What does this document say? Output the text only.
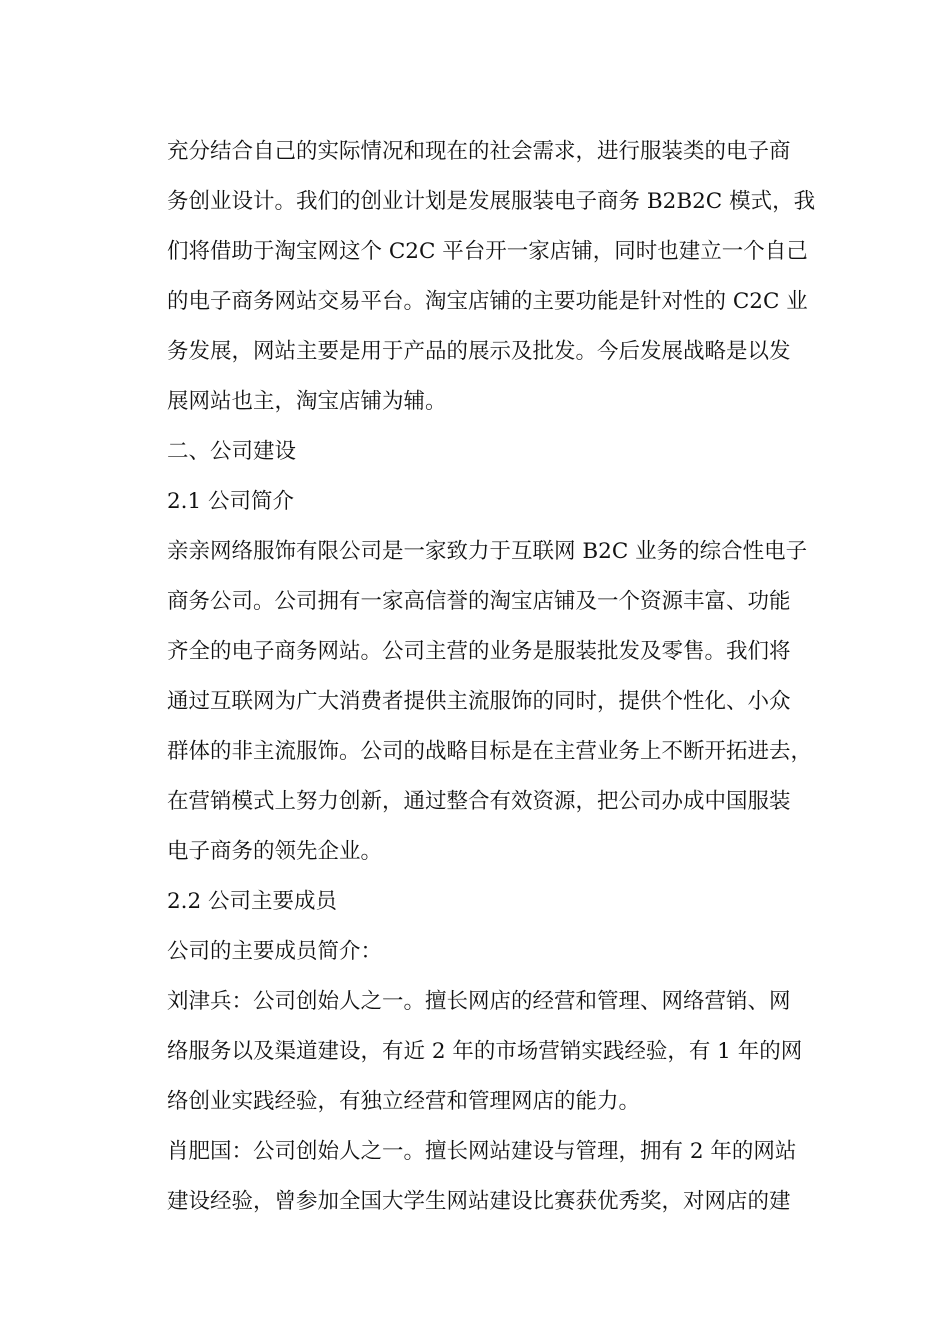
充分结合自己的实际情况和现在的社会需求，进行服装类的电子商
务创业设计。我们的创业计划是发展服装电子商务 B2B2C 模式，我
们将借助于淘宝网这个 C2C 平台开一家店铺，同时也建立一个自己
的电子商务网站交易平台。淘宝店铺的主要功能是针对性的 C2C 业
务发展，网站主要是用于产品的展示及批发。今后发展战略是以发
展网站也主，淘宝店铺为辅。
二、公司建设
2.1 公司简介
亲亲网络服饰有限公司是一家致力于互联网 B2C 业务的综合性电子
商务公司。公司拥有一家高信誉的淘宝店铺及一个资源丰富、功能
齐全的电子商务网站。公司主营的业务是服装批发及零售。我们将
通过互联网为广大消费者提供主流服饰的同时，提供个性化、小众
群体的非主流服饰。公司的战略目标是在主营业务上不断开拓进去，
在营销模式上努力创新，通过整合有效资源，把公司办成中国服装
电子商务的领先企业。
2.2 公司主要成员
公司的主要成员简介：
刘津兵：公司创始人之一。擅长网店的经营和管理、网络营销、网
络服务以及渠道建设，有近 2 年的市场营销实践经验，有 1 年的网
络创业实践经验，有独立经营和管理网店的能力。
肖肥国：公司创始人之一。擅长网站建设与管理，拥有 2 年的网站
建设经验，曾参加全国大学生网站建设比赛获优秀奖，对网店的建
